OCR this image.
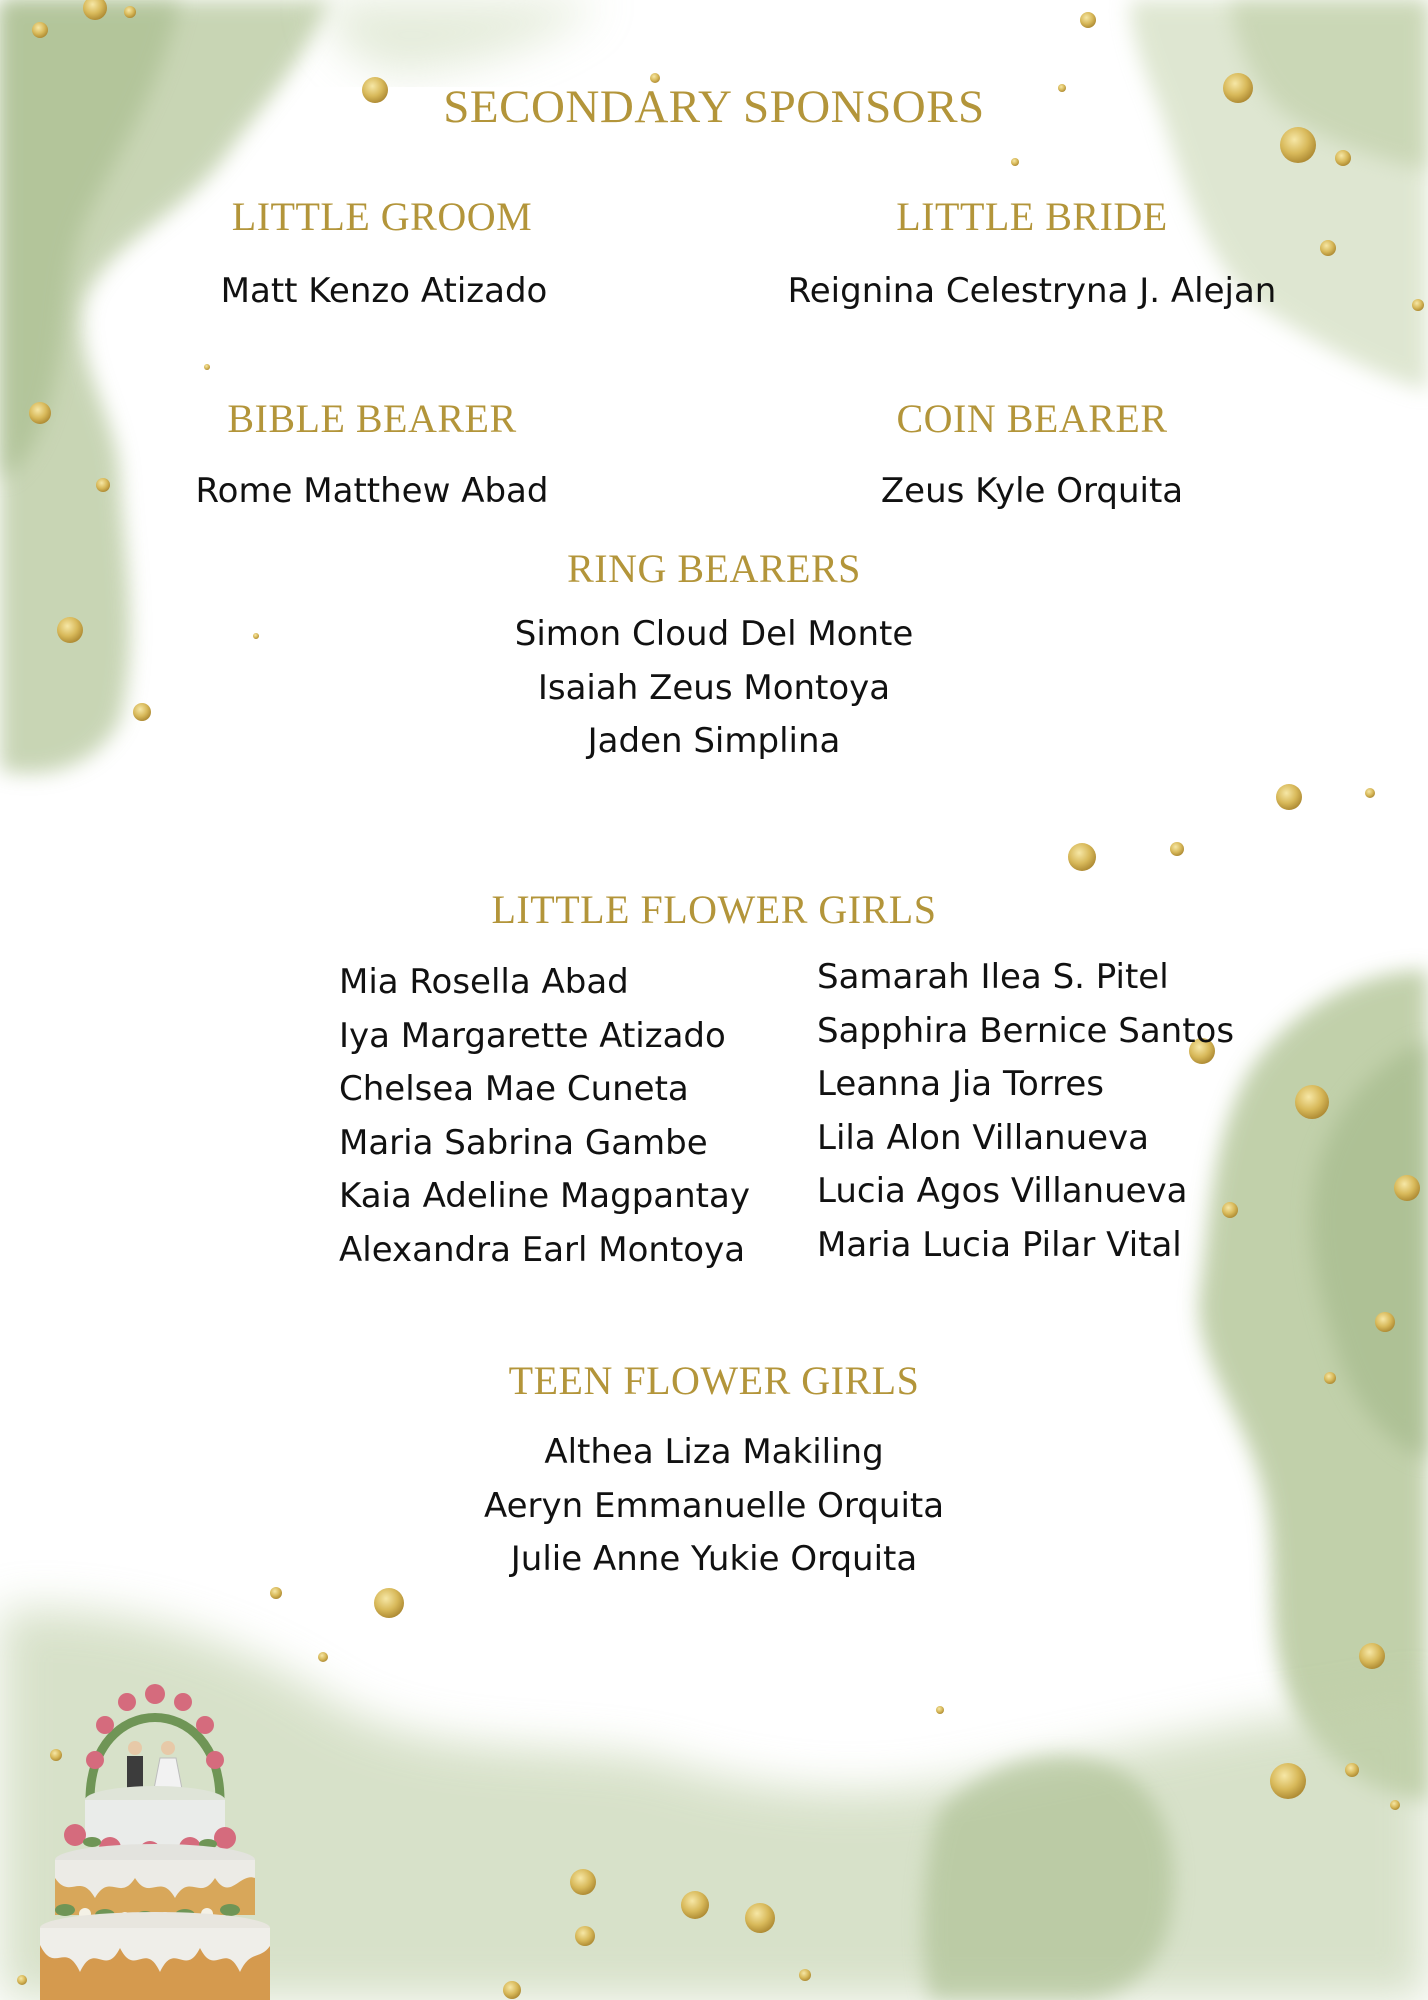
SECONDARY SPONSORS
LITTLE GROOM

Matt Kenzo Atizado

LITTLE BRIDE

Reignina Celestryna J. Alejan

BIBLE BEARER

Rome Matthew Abad

COIN BEARER

Zeus Kyle Orquita

RING BEARERS
Simon Cloud Del Monte
Isaiah Zeus Montoya
Jaden Simplina
LITTLE FLOWER GIRLS
Mia Rosella Abad
Iya Margarette Atizado
Chelsea Mae Cuneta
Maria Sabrina Gambe
Kaia Adeline Magpantay
Alexandra Earl Montoya
Samarah Ilea S. Pitel
Sapphira Bernice Santos
Leanna Jia Torres
Lila Alon Villanueva
Lucia Agos Villanueva
Maria Lucia Pilar Vital
TEEN FLOWER GIRLS
Althea Liza Makiling
Aeryn Emmanuelle Orquita
Julie Anne Yukie Orquita
